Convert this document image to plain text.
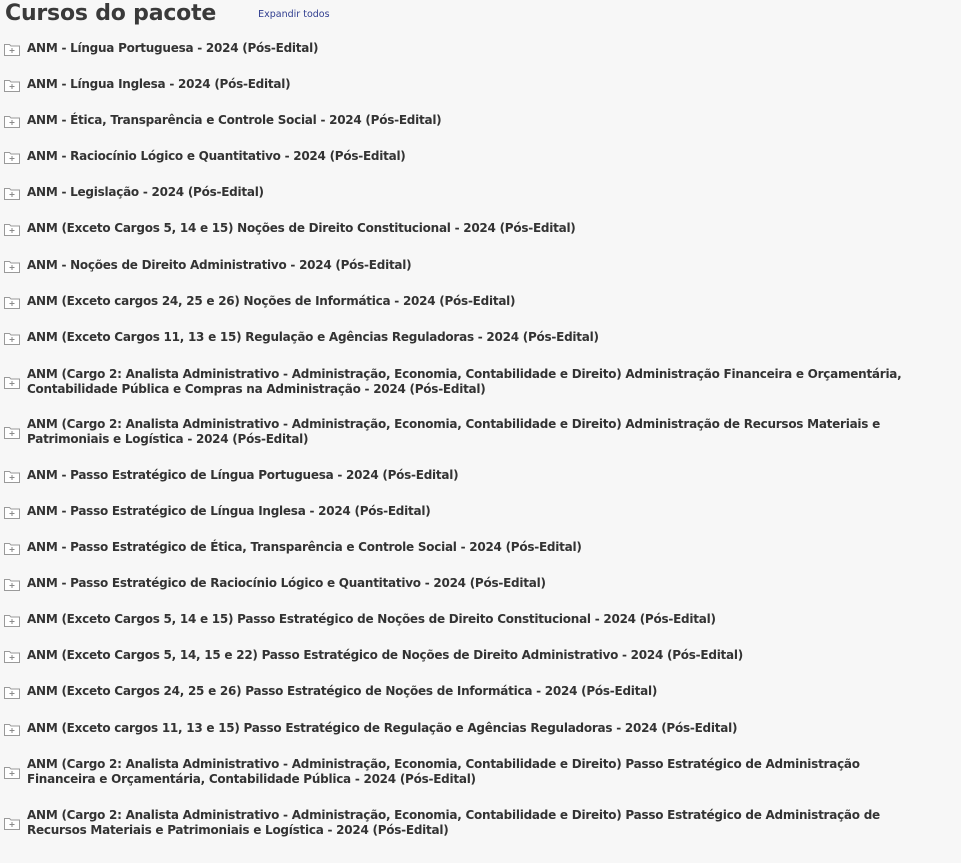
Cursos do pacote	Expandir todos
ANM - Língua Portuguesa - 2024 (Pós-Edital)
ANM - Língua Inglesa - 2024 (Pós-Edital)
ANM - Ética, Transparência e Controle Social - 2024 (Pós-Edital)
ANM - Raciocínio Lógico e Quantitativo - 2024 (Pós-Edital)
ANM - Legislação - 2024 (Pós-Edital)
ANM (Exceto Cargos 5, 14 e 15) Noções de Direito Constitucional - 2024 (Pós-Edital)
ANM - Noções de Direito Administrativo - 2024 (Pós-Edital)
ANM (Exceto cargos 24, 25 e 26) Noções de Informática - 2024 (Pós-Edital)
ANM (Exceto Cargos 11, 13 e 15) Regulação e Agências Reguladoras - 2024 (Pós-Edital)
ANM (Cargo 2: Analista Administrativo - Administração, Economia, Contabilidade e Direito) Administração Financeira e Orçamentária, Contabilidade Pública e Compras na Administração - 2024 (Pós-Edital)
ANM (Cargo 2: Analista Administrativo - Administração, Economia, Contabilidade e Direito) Administração de Recursos Materiais e Patrimoniais e Logística - 2024 (Pós-Edital)
ANM - Passo Estratégico de Língua Portuguesa - 2024 (Pós-Edital)
ANM - Passo Estratégico de Língua Inglesa - 2024 (Pós-Edital)
ANM - Passo Estratégico de Ética, Transparência e Controle Social - 2024 (Pós-Edital)
ANM - Passo Estratégico de Raciocínio Lógico e Quantitativo - 2024 (Pós-Edital)
ANM (Exceto Cargos 5, 14 e 15) Passo Estratégico de Noções de Direito Constitucional - 2024 (Pós-Edital)
ANM (Exceto Cargos 5, 14, 15 e 22) Passo Estratégico de Noções de Direito Administrativo - 2024 (Pós-Edital)
ANM (Exceto Cargos 24, 25 e 26) Passo Estratégico de Noções de Informática - 2024 (Pós-Edital)
ANM (Exceto cargos 11, 13 e 15) Passo Estratégico de Regulação e Agências Reguladoras - 2024 (Pós-Edital)
ANM (Cargo 2: Analista Administrativo - Administração, Economia, Contabilidade e Direito) Passo Estratégico de Administração Financeira e Orçamentária, Contabilidade Pública - 2024 (Pós-Edital)
ANM (Cargo 2: Analista Administrativo - Administração, Economia, Contabilidade e Direito) Passo Estratégico de Administração de Recursos Materiais e Patrimoniais e Logística - 2024 (Pós-Edital)
